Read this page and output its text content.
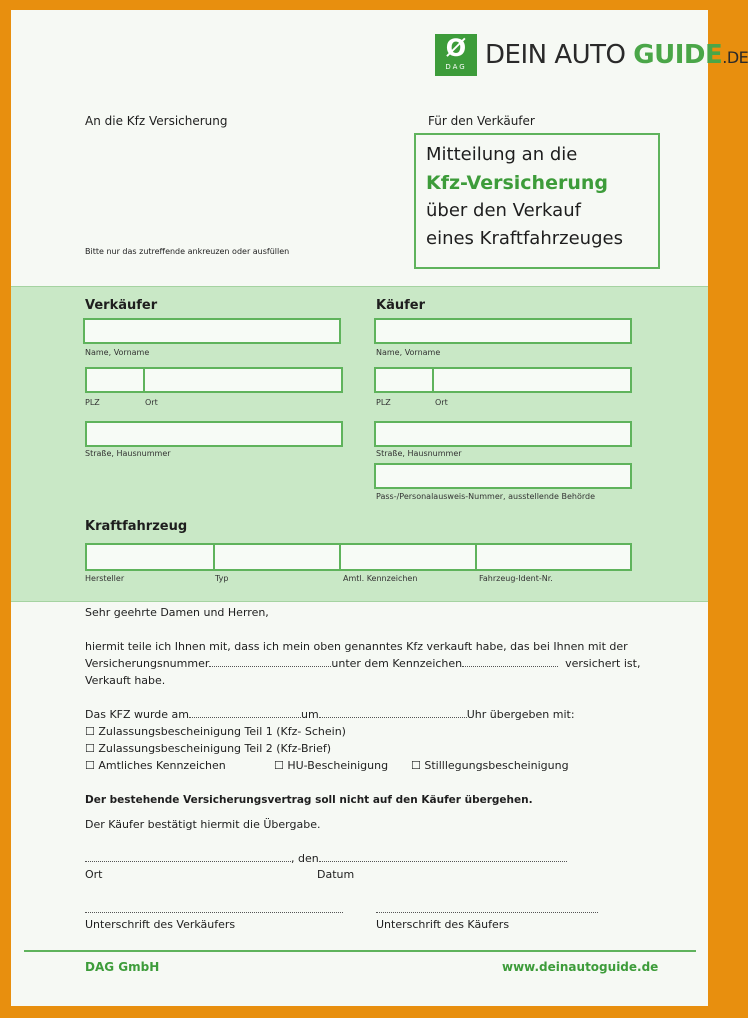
Ø
DAG DEIN AUTO GUIDE.DE
An die Kfz Versicherung	Für den Verkäufer
Mitteilung an die
Kfz-Versicherung
über den Verkauf
eines Kraftfahrzeuges
Bitte nur das zutreffende ankreuzen oder ausfüllen
Verkäufer	Käufer
Name, Vorname
PLZ	Ort
Straße, Hausnummer
Name, Vorname
PLZ	Ort
Straße, Hausnummer
Pass-/Personalausweis-Nummer, ausstellende Behörde
Kraftfahrzeug
Hersteller	Typ	Amtl. Kennzeichen	Fahrzeug-Ident-Nr.
Sehr geehrte Damen und Herren,
hiermit teile ich Ihnen mit, dass ich mein oben genanntes Kfz verkauft habe, das bei Ihnen mit der
Versicherungsnummer	unter dem Kennzeichen	versichert ist,
Verkauft habe.
Das KFZ wurde am	um	Uhr übergeben mit:
☐ Zulassungsbescheinigung Teil 1 (Kfz- Schein)
☐ Zulassungsbescheinigung Teil 2 (Kfz-Brief)
☐ Amtliches Kennzeichen	☐ HU-Bescheinigung ☐ Stilllegungsbescheinigung
Der bestehende Versicherungsvertrag soll nicht auf den Käufer übergehen.
Der Käufer bestätigt hiermit die Übergabe.
, den
Ort	Datum
Unterschrift des Verkäufers	Unterschrift des Käufers
DAG GmbH	www.deinautoguide.de
